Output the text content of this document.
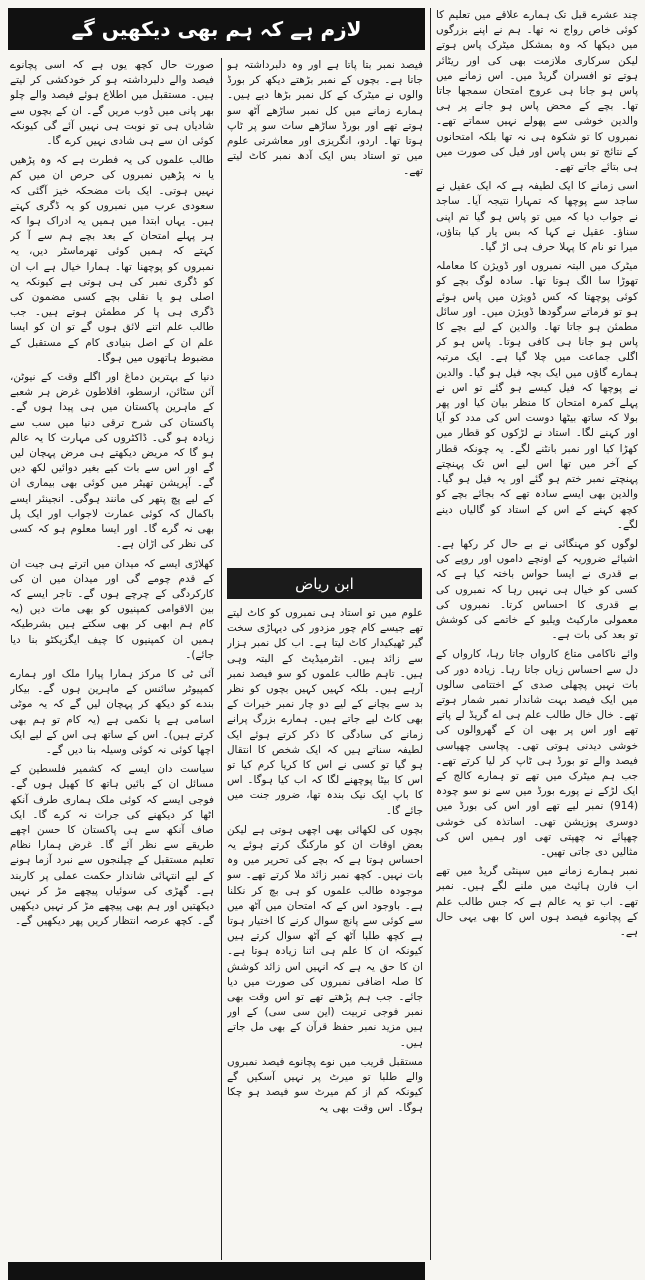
لازم ہے کہ ہم بھی دیکھیں گے

چند عشرے قبل تک ہمارے علاقے میں تعلیم کا کوئی خاص رواج نہ تھا۔ ہم نے اپنے بزرگوں میں دیکھا کہ وہ بمشکل میٹرک پاس ہوتے لیکن سرکاری ملازمت بھی کی اور ریٹائر ہوتے تو افسران گریڈ میں۔ اس زمانے میں پاس ہو جانا ہی عروج امتحان سمجھا جاتا تھا۔ بچے کے محض پاس ہو جانے پر ہی والدین خوشی سے پھولے نہیں سماتے تھے۔ نمبروں کا تو شکوہ ہی نہ تھا بلکہ امتحانوں کے نتائج تو بس پاس اور فیل کی صورت میں ہی بتائے جاتے تھے۔

اسی زمانے کا ایک لطیفہ ہے کہ ایک عقیل نے ساجد سے پوچھا کہ تمہارا نتیجہ آیا۔ ساجد نے جواب دیا کہ میں تو پاس ہو گیا تم اپنی سناؤ۔ عقیل نے کہا کہ بس یار کیا بتاؤں، میرا تو نام کا پہلا حرف ہی اڑ گیا۔

میٹرک میں البتہ نمبروں اور ڈویژن کا معاملہ تھوڑا سا الگ ہوتا تھا۔ سادہ لوگ بچے کو کوئی پوچھتا کہ کس ڈویژن میں پاس ہوئے ہو تو فرماتے سرگودھا ڈویژن میں۔ اور سائل مطمئن ہو جاتا تھا۔ والدین کے لیے بچے کا پاس ہو جانا ہی کافی ہوتا۔ پاس ہو کر اگلی جماعت میں چلا گیا ہے۔ ایک مرتبہ ہمارے گاؤں میں ایک بچہ فیل ہو گیا۔ والدین نے پوچھا کہ فیل کیسے ہو گئے تو اس نے پہلے کمرہ امتحان کا منظر بیان کیا اور پھر بولا کہ ساتھ بیٹھا دوست اس کی مدد کو آیا اور کہنے لگا۔ استاد نے لڑکوں کو قطار میں کھڑا کیا اور نمبر بانٹنے لگے۔ یہ چونکہ قطار کے آخر میں تھا اس لیے اس تک پہنچتے پہنچتے نمبر ختم ہو گئے اور یہ فیل ہو گیا۔ والدین بھی ایسے سادہ تھے کہ بجائے بچے کو کچھ کہنے کے اس کے استاد کو گالیاں دینے لگے۔

لوگوں کو مہنگائی نے بے حال کر رکھا ہے۔ اشیائے ضروریہ کے اونچے داموں اور روپے کی بے قدری نے ایسا حواس باختہ کیا ہے کہ کسی کو خیال ہی نہیں رہا کہ نمبروں کی بے قدری کا احساس کرتا۔ نمبروں کی معمولی مارکیٹ ویلیو کے خاتمے کی کوشش تو بعد کی بات ہے۔

وائے ناکامی متاع کارواں جاتا رہا، کارواں کے دل سے احساس زیاں جاتا رہا۔ زیادہ دور کی بات نہیں پچھلی صدی کے اختتامی سالوں میں ایک فیصد بہت شاندار نمبر شمار ہوتے تھے۔ خال خال طالب علم ہی اے گریڈ لے پاتے تھے اور اس پر بھی ان کے گھروالوں کی خوشی دیدنی ہوتی تھی۔ پچاسی چھیاسی فیصد والے تو بورڈ ہی ٹاپ کر لیا کرتے تھے۔ جب ہم میٹرک میں تھے تو ہمارے کالج کے ایک لڑکے نے پورے بورڈ میں سے نو سو چودہ (914) نمبر لیے تھے اور اس کی بورڈ میں دوسری پوزیشن تھی۔ اساتذہ کی خوشی چھپائے نہ چھپتی تھی اور ہمیں اس کی مثالیں دی جاتی تھیں۔

نمبر ہمارے زمانے میں سپنٹی گریڈ میں تھے اب فارن ہائیٹ میں ملنے لگے ہیں۔ نمبر تھے۔ اب تو یہ عالم ہے کہ جس طالب علم کے پچانوے فیصد ہوں اس کا بھی یہی حال ہے۔

فیصد نمبر بتا پاتا ہے اور وہ دلبرداشتہ ہو جاتا ہے۔ بچوں کے نمبر بڑھتے دیکھ کر بورڈ والوں نے میٹرک کے کل نمبر بڑھا دیے ہیں۔ ہمارے زمانے میں کل نمبر ساڑھے آٹھ سو ہوتے تھے اور بورڈ ساڑھے سات سو پر ٹاپ ہوتا تھا۔ اردو، انگریزی اور معاشرتی علوم میں تو استاد بس ایک آدھ نمبر کاٹ لیتے تھے۔

ابن ریاض

علوم میں تو استاد ہی نمبروں کو کاٹ لیتے تھے جیسے کام چور مزدور کی دیہاڑی سخت گیر ٹھیکیدار کاٹ لیتا ہے۔ اب کل نمبر ہزار سے زائد ہیں۔ انٹرمیڈیٹ کے البتہ وہی ہیں۔ تاہم طالب علموں کو سو فیصد نمبر آرہے ہیں۔ بلکہ کہیں کہیں بچوں کو نظر بد سے بچانے کے لیے دو چار نمبر خیرات کے بھی کاٹ لیے جاتے ہیں۔ ہمارے بزرگ پرانے زمانے کی سادگی کا ذکر کرتے ہوئے ایک لطیفہ سناتے ہیں کہ ایک شخص کا انتقال ہو گیا تو کسی نے اس کا کریا کرم کیا تو اس کا بیٹا پوچھنے لگا کہ اب کیا ہوگا۔ اس کا باپ ایک نیک بندہ تھا، ضرور جنت میں جائے گا۔

بچوں کی لکھائی بھی اچھی ہوتی ہے لیکن بعض اوقات ان کو مارکنگ کرتے ہوئے یہ احساس ہوتا ہے کہ بچے کی تحریر میں وہ بات نہیں۔ کچھ نمبر زائد ملا کرتے تھے۔ سو موجودہ طالب علموں کو ہی بچ کر نکلنا ہے۔ باوجود اس کے کہ امتحان میں آٹھ میں سے کوئی سے پانچ سوال کرنے کا اختیار ہوتا ہے کچھ طلبا آٹھ کے آٹھ سوال کرتے ہیں کیونکہ ان کا علم ہی اتنا زیادہ ہوتا ہے۔ ان کا حق یہ ہے کہ انہیں اس زائد کوشش کا صلہ اضافی نمبروں کی صورت میں دیا جائے۔ جب ہم پڑھتے تھے تو اس وقت بھی نمبر فوجی تربیت (این سی سی) کے اور ہیں مزید نمبر حفظ قرآن کے بھی مل جاتے ہیں۔

مستقبل قریب میں نوے پچانوے فیصد نمبروں والے طلبا تو میرٹ پر نہیں آسکیں گے کیونکہ کم از کم میرٹ سو فیصد ہو چکا ہوگا۔ اس وقت بھی یہ

صورت حال کچھ یوں ہے کہ اسی پچانوے فیصد والے دلبرداشتہ ہو کر خودکشی کر لیتے ہیں۔ مستقبل میں اطلاع ہوئے فیصد والے چلو بھر پانی میں ڈوب مریں گے۔ ان کے بچوں سے شادیاں ہی تو نوبت ہی نہیں آئے گی کیونکہ کوئی ان سے ہی شادی نہیں کرے گا۔

طالب علموں کی یہ فطرت ہے کہ وہ پڑھیں یا نہ پڑھیں نمبروں کی حرص ان میں کم نہیں ہوتی۔ ایک بات مضحکہ خیز آگئی کہ سعودی عرب میں نمبروں کو یہ ڈگری کہتے ہیں۔ یہاں ابتدا میں ہمیں یہ ادراک ہوا کہ ہر پہلے امتحان کے بعد بچے ہم سے آ کر کہتے کہ ہمیں کوئی تھرماسٹر دیں، یہ نمبروں کو پوچھنا تھا۔ ہمارا خیال ہے اب ان کو ڈگری نمبر کی ہی ہوتی ہے کیونکہ یہ اصلی ہو یا نقلی بچے کسی مضمون کی ڈگری ہی پا کر مطمئن ہوتے ہیں۔ جب طالب علم اتنے لائق ہوں گے تو ان کو ایسا علم ان کے اصل بنیادی کام کے مستقبل کے مضبوط ہاتھوں میں ہوگا۔

دنیا کے بہترین دماغ اور اگلے وقت کے نیوٹن، آئن سٹائن، ارسطو، افلاطون غرض ہر شعبے کے ماہرین پاکستان میں ہی پیدا ہوں گے۔ پاکستان کی شرح ترقی دنیا میں سب سے زیادہ ہو گی۔ ڈاکٹروں کی مہارت کا یہ عالم ہو گا کہ مریض دیکھتے ہی مرض پہچان لیں گے اور اس سے بات کیے بغیر دوائیں لکھ دیں گے۔ آپریشن تھیٹر میں کوئی بھی بیماری ان کے لیے پچ پتھر کی مانند ہوگی۔ انجینئر ایسے باکمال کہ کوئی عمارت لاجواب اور ایک پل بھی نہ گرے گا۔ اور ایسا معلوم ہو کہ کسی کی نظر کی اڑان ہے۔

کھلاڑی ایسے کہ میدان میں اترتے ہی جیت ان کے قدم چومے گی اور میدان میں ان کی کارکردگی کے چرچے ہوں گے۔ تاجر ایسے کہ بین الاقوامی کمپنیوں کو بھی مات دیں (یہ کام ہم ابھی کر بھی سکتے ہیں بشرطیکہ ہمیں ان کمپنیوں کا چیف ایگزیکٹو بنا دیا جائے)۔

آئی ٹی کا مرکز ہمارا پیارا ملک اور ہمارے کمپیوٹر سائنس کے ماہرین ہوں گے۔ بیکار بندے کو دیکھ کر پہچان لیں گے کہ یہ موٹی اسامی ہے یا نکمی ہے (یہ کام تو ہم بھی کرتے ہیں)۔ اس کے ساتھ ہی اس کے لیے ایک اچھا کوئی نہ کوئی وسیلہ بنا دیں گے۔

سیاست دان ایسے کہ کشمیر فلسطین کے مسائل ان کے بائیں ہاتھ کا کھیل ہوں گے۔ فوجی ایسے کہ کوئی ملک ہماری طرف آنکھ اٹھا کر دیکھنے کی جرات نہ کرے گا۔ ایک صاف آنکھ سے ہی پاکستان کا حسن اچھے طریقے سے نظر آئے گا۔ غرض ہمارا نظام تعلیم مستقبل کے چیلنجوں سے نبرد آزما ہونے کے لیے انتہائی شاندار حکمت عملی پر کاربند ہے۔ گھڑی کی سوئیاں پیچھے مڑ کر نہیں دیکھتیں اور ہم بھی پیچھے مڑ کر نہیں دیکھیں گے۔ کچھ عرصہ انتظار کریں پھر دیکھیں گے۔
